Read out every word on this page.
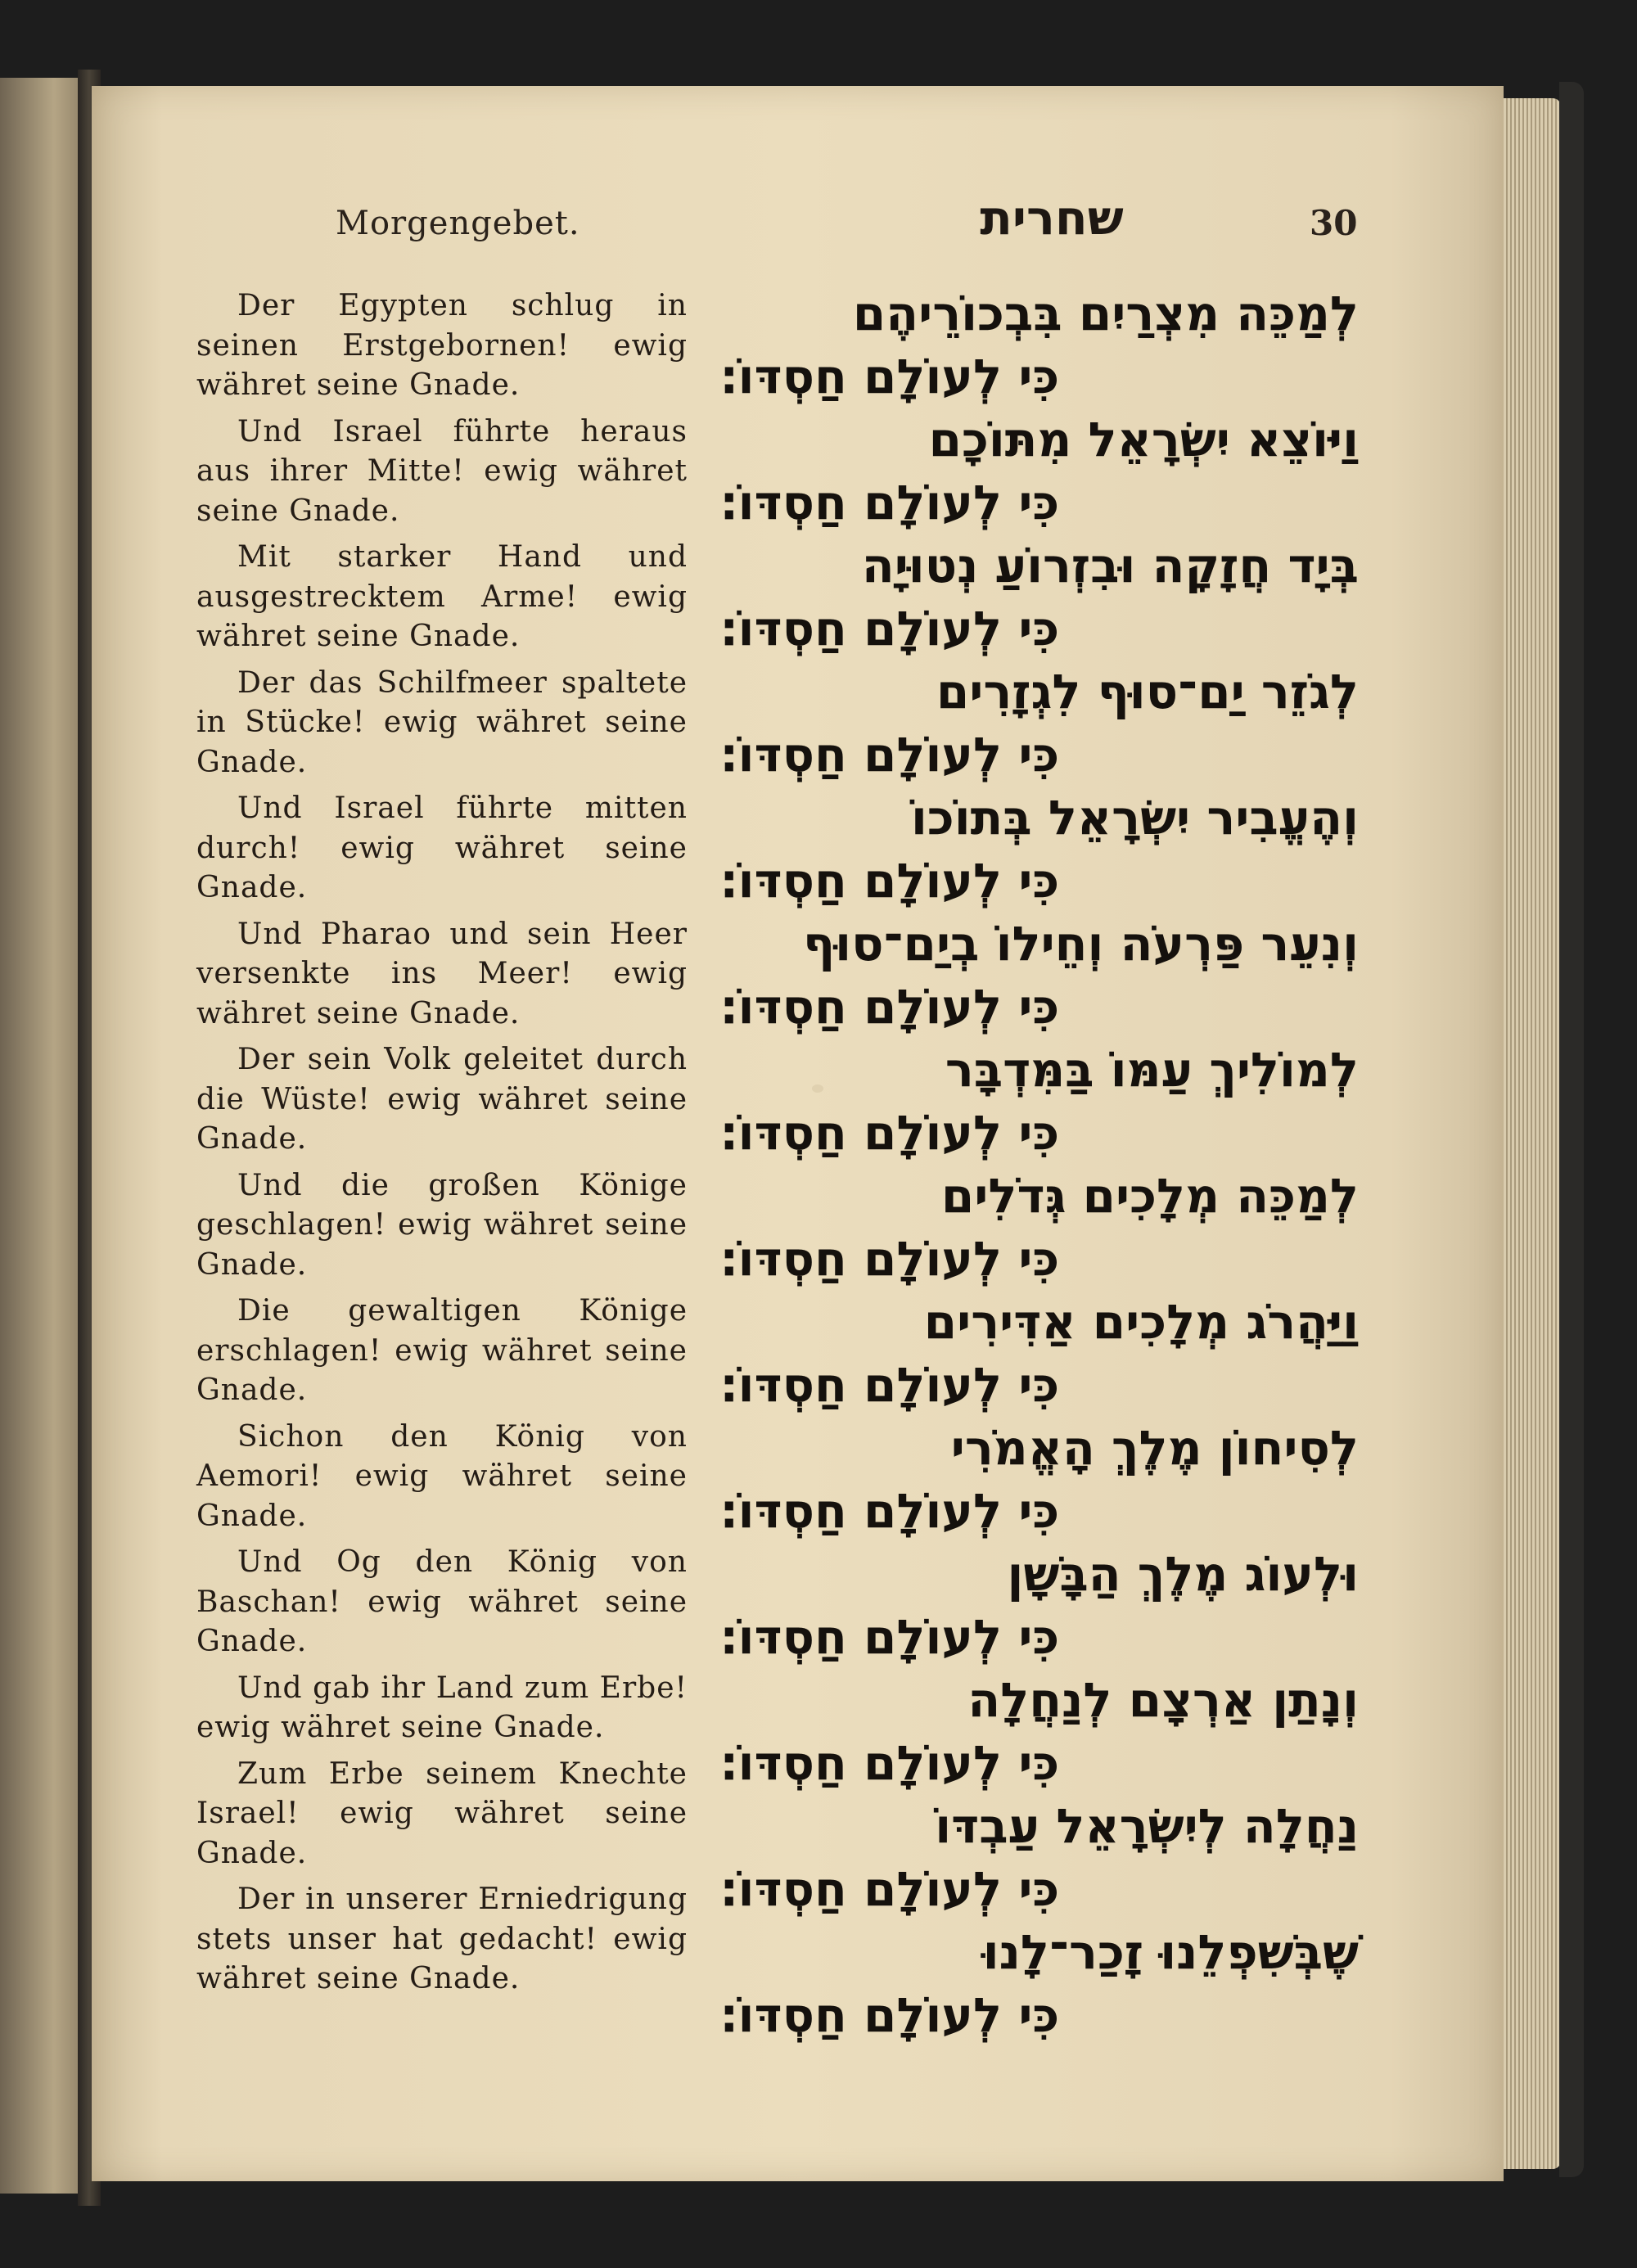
Morgengebet.	שחרית	30

Der Egypten schlug in seinen Erstgebornen! ewig währet seine Gnade.

Und Israel führte heraus aus ihrer Mitte! ewig währet seine Gnade.

Mit starker Hand und ausgestrecktem Arme! ewig währet seine Gnade.

Der das Schilfmeer spaltete in Stücke! ewig währet seine Gnade.

Und Israel führte mitten durch! ewig währet seine Gnade.

Und Pharao und sein Heer versenkte ins Meer! ewig währet seine Gnade.

Der sein Volk geleitet durch die Wüste! ewig währet seine Gnade.

Und die großen Könige geschlagen! ewig währet seine Gnade.

Die gewaltigen Könige erschlagen! ewig währet seine Gnade.

Sichon den König von Aemori! ewig währet seine Gnade.

Und Og den König von Baschan! ewig währet seine Gnade.

Und gab ihr Land zum Erbe! ewig währet seine Gnade.

Zum Erbe seinem Knechte Israel! ewig währet seine Gnade.

Der in unserer Erniedrigung stets unser hat gedacht! ewig währet seine Gnade.

לְמַכֵּה מִצְרַיִם בִּבְכוֹרֵיהֶם
כִּי לְעוֹלָם חַסְדּוֹ׃
וַיּוֹצֵא יִשְׂרָאֵל מִתּוֹכָם
כִּי לְעוֹלָם חַסְדּוֹ׃
בְּיָד חֲזָקָה וּבִזְרוֹעַ נְטוּיָה
כִּי לְעוֹלָם חַסְדּוֹ׃
לְגֹזֵר יַם־סוּף לִגְזָרִים
כִּי לְעוֹלָם חַסְדּוֹ׃
וְהֶעֱבִיר יִשְׂרָאֵל בְּתוֹכוֹ
כִּי לְעוֹלָם חַסְדּוֹ׃
וְנִעֵר פַּרְעֹה וְחֵילוֹ בְיַם־סוּף
כִּי לְעוֹלָם חַסְדּוֹ׃
לְמוֹלִיךְ עַמּוֹ בַּמִּדְבָּר
כִּי לְעוֹלָם חַסְדּוֹ׃
לְמַכֵּה מְלָכִים גְּדֹלִים
כִּי לְעוֹלָם חַסְדּוֹ׃
וַיַּהֲרֹג מְלָכִים אַדִּירִים
כִּי לְעוֹלָם חַסְדּוֹ׃
לְסִיחוֹן מֶלֶךְ הָאֱמֹרִי
כִּי לְעוֹלָם חַסְדּוֹ׃
וּלְעוֹג מֶלֶךְ הַבָּשָׁן
כִּי לְעוֹלָם חַסְדּוֹ׃
וְנָתַן אַרְצָם לְנַחֲלָה
כִּי לְעוֹלָם חַסְדּוֹ׃
נַחֲלָה לְיִשְׂרָאֵל עַבְדּוֹ
כִּי לְעוֹלָם חַסְדּוֹ׃
שֶׁבְּשִׁפְלֵנוּ זָכַר־לָנוּ
כִּי לְעוֹלָם חַסְדּוֹ׃
